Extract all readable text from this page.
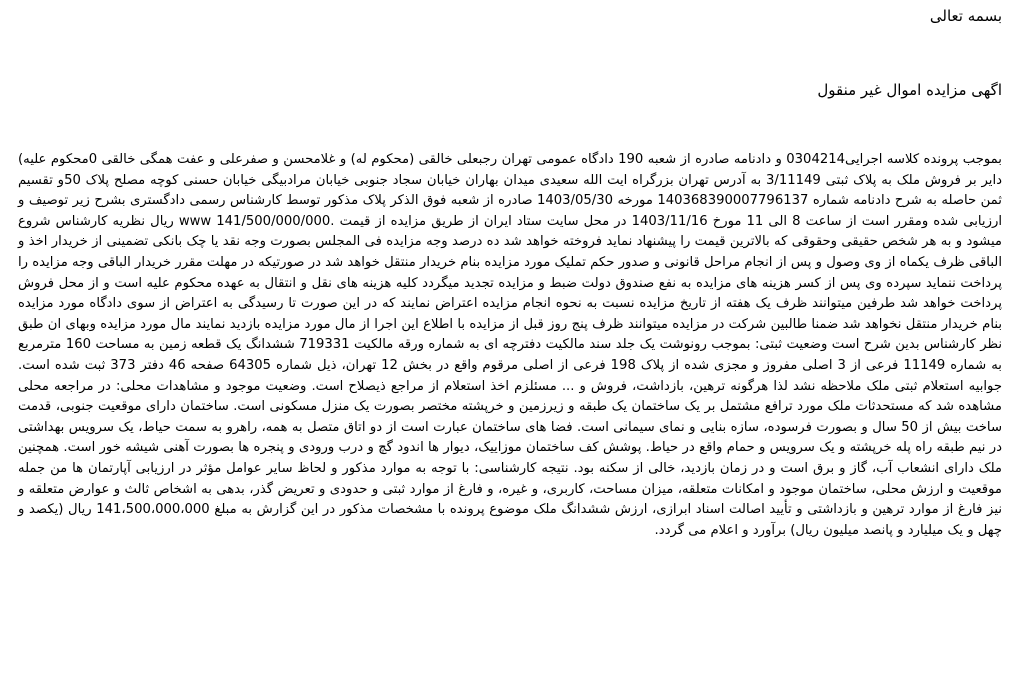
بسمه تعالی
اگهی مزایده اموال غیر منقول

بموجب پرونده کلاسه اجرایی0304214 و دادنامه صادره از شعبه 190 دادگاه عمومی تهران رجبعلی خالقی (محکوم له) و غلامحسن و صفرعلی و عفت همگی خالقی 0محکوم علیه) دایر بر فروش ملک به پلاک ثبتی 3/11149 به آدرس تهران بزرگراه ایت الله سعیدی میدان بهاران خیابان سجاد جنوبی خیابان مرادبیگی خیابان حسنی کوچه مصلح پلاک 50و تقسیم ثمن حاصله به شرح دادنامه شماره 140368390007796137 مورخه 1403/05/30 صادره از شعبه فوق الذکر پلاک مذکور توسط کارشناس رسمی دادگستری بشرح زیر توصیف و ارزیابی شده ومقرر است از ساعت 8 الی 11 مورخ 1403/11/16 در محل سایت ستاد ایران از طریق مزایده از قیمت .www 141/500/000/000 ریال نظریه کارشناس شروع میشود و به هر شخص حقیقی وحقوقی که بالاترین قیمت را پیشنهاد نماید فروخته خواهد شد ده درصد وجه مزایده فی المجلس بصورت وجه نقد یا چک بانکی تضمینی از خریدار اخذ و الباقی ظرف یکماه از وی وصول و پس از انجام مراحل قانونی و صدور حکم تملیک مورد مزایده بنام خریدار منتقل خواهد شد در صورتیکه در مهلت مقرر خریدار الباقی وجه مزایده را پرداخت ننماید سپرده وی پس از کسر هزینه های مزایده به نفع صندوق دولت ضبط و مزایده تجدید میگردد کلیه هزینه های نقل و انتقال به عهده محکوم علیه است و از محل فروش پرداخت خواهد شد طرفین میتوانند ظرف یک هفته از تاریخ مزایده نسبت به نحوه انجام مزایده اعتراض نمایند که در این صورت تا رسیدگی به اعتراض از سوی دادگاه مورد مزایده بنام خریدار منتقل نخواهد شد ضمنا طالبین شرکت در مزایده میتوانند ظرف پنج روز قبل از مزایده با اطلاع این اجرا از مال مورد مزایده بازدید نمایند مال مورد مزایده وبهای ان طبق نظر کارشناس بدین شرح است وضعیت ثبتی: بموجب رونوشت یک جلد سند مالکیت دفترچه ای به شماره ورقه مالکیت 719331 ششدانگ یک قطعه زمین به مساحت 160 مترمربع به شماره 11149 فرعی از 3 اصلی مفروز و مجزی شده از پلاک 198 فرعی از اصلی مرقوم واقع در بخش 12 تهران، ذیل شماره 64305 صفحه 46 دفتر 373 ثبت شده است. جوابیه استعلام ثبتی ملک ملاحظه نشد لذا هرگونه ترهین، بازداشت، فروش و ... مسئلزم اخذ استعلام از مراجع ذیصلاح است. وضعیت موجود و مشاهدات محلی: در مراجعه محلی مشاهده شد که مستحدثات ملک مورد ترافع مشتمل بر یک ساختمان یک طبقه و زیرزمین و خرپشته مختصر بصورت یک منزل مسکونی است. ساختمان دارای موقعیت جنوبی، قدمت ساخت بیش از 50 سال و بصورت فرسوده، سازه بنایی و نمای سیمانی است. فضا های ساختمان عبارت است از دو اتاق متصل به همه، راهرو به سمت حیاط، یک سرویس بهداشتی در نیم طبقه راه پله خرپشته و یک سرویس و حمام واقع در حیاط. پوشش کف ساختمان موزاییک، دیوار ها اندود گچ و درب ورودی و پنجره ها بصورت آهنی شیشه خور است. همچنین ملک دارای انشعاب آب، گاز و برق است و در زمان بازدید، خالی از سکنه بود. نتیجه کارشناسی: با توجه به موارد مذکور و لحاظ سایر عوامل مؤثر در ارزیابی آپارتمان ها من جمله موقعیت و ارزش محلی، ساختمان موجود و امکانات متعلقه، میزان مساحت، کاربری، و غیره، و فارغ از موارد ثبتی و حدودی و تعریض گذر، بدهی به اشخاص ثالث و عوارض متعلقه و نیز فارغ از موارد ترهین و بازداشتی و تأیید اصالت اسناد ابرازی، ارزش ششدانگ ملک موضوع پرونده با مشخصات مذکور در این گزارش به مبلغ 141،500،000،000 ریال (یکصد و چهل و یک میلیارد و پانصد میلیون ریال) برآورد و اعلام می گردد.
